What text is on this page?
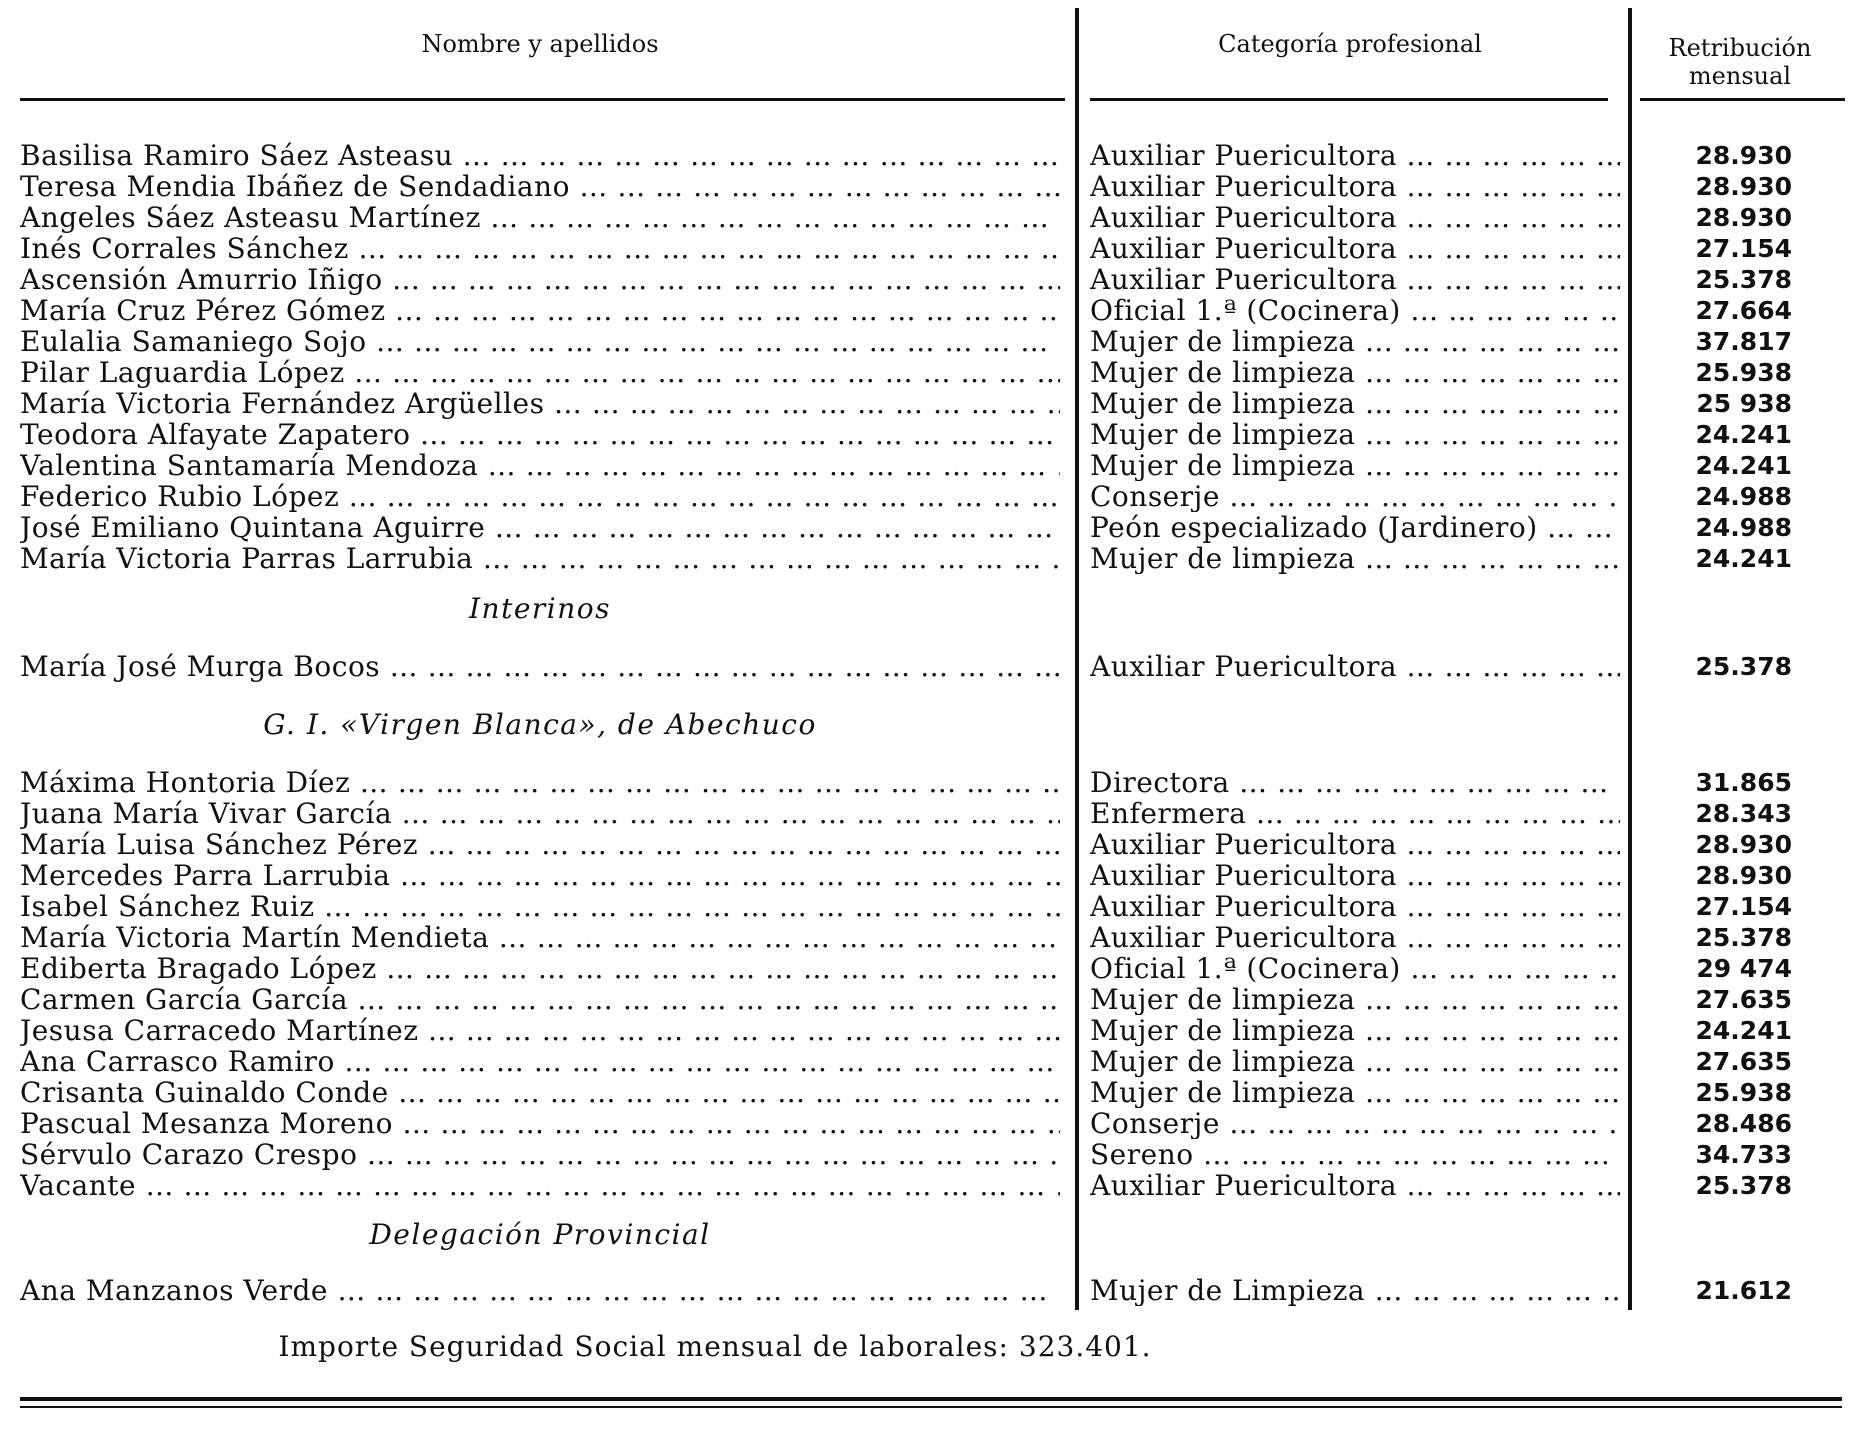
Nombre y apellidos	Categoría profesional	Retribución
mensual
Basilisa Ramiro Sáez Asteasu … … … … … … … … … … … … … … … … … … … … … … … … … … … … … … … … … … … … … … …	Auxiliar Puericultora … … … … … … … … … … … … … … … … … … … … … … … … … … … … … … … … … … … … … … …	28.930
Teresa Mendia Ibáñez de Sendadiano … … … … … … … … … … … … … … … … … … … … … … … … … … … … … … … … … … … … … … …	Auxiliar Puericultora … … … … … … … … … … … … … … … … … … … … … … … … … … … … … … … … … … … … … … …	28.930
Angeles Sáez Asteasu Martínez … … … … … … … … … … … … … … … … … … … … … … … … … … … … … … … … … … … … … … …	Auxiliar Puericultora … … … … … … … … … … … … … … … … … … … … … … … … … … … … … … … … … … … … … … …	28.930
Inés Corrales Sánchez … … … … … … … … … … … … … … … … … … … … … … … … … … … … … … … … … … … … … … …	Auxiliar Puericultora … … … … … … … … … … … … … … … … … … … … … … … … … … … … … … … … … … … … … … …	27.154
Ascensión Amurrio Iñigo … … … … … … … … … … … … … … … … … … … … … … … … … … … … … … … … … … … … … … …	Auxiliar Puericultora … … … … … … … … … … … … … … … … … … … … … … … … … … … … … … … … … … … … … … …	25.378
María Cruz Pérez Gómez … … … … … … … … … … … … … … … … … … … … … … … … … … … … … … … … … … … … … … …	Oficial 1.ª (Cocinera) … … … … … … … … … … … … … … … … … … … … … … … … … … … … … … … … … … … … … … …	27.664
Eulalia Samaniego Sojo … … … … … … … … … … … … … … … … … … … … … … … … … … … … … … … … … … … … … … …	Mujer de limpieza … … … … … … … … … … … … … … … … … … … … … … … … … … … … … … … … … … … … … … …	37.817
Pilar Laguardia López … … … … … … … … … … … … … … … … … … … … … … … … … … … … … … … … … … … … … … …	Mujer de limpieza … … … … … … … … … … … … … … … … … … … … … … … … … … … … … … … … … … … … … … …	25.938
María Victoria Fernández Argüelles … … … … … … … … … … … … … … … … … … … … … … … … … … … … … … … … … … … … … … …	Mujer de limpieza … … … … … … … … … … … … … … … … … … … … … … … … … … … … … … … … … … … … … … …	25 938
Teodora Alfayate Zapatero … … … … … … … … … … … … … … … … … … … … … … … … … … … … … … … … … … … … … … …	Mujer de limpieza … … … … … … … … … … … … … … … … … … … … … … … … … … … … … … … … … … … … … … …	24.241
Valentina Santamaría Mendoza … … … … … … … … … … … … … … … … … … … … … … … … … … … … … … … … … … … … … … …	Mujer de limpieza … … … … … … … … … … … … … … … … … … … … … … … … … … … … … … … … … … … … … … …	24.241
Federico Rubio López … … … … … … … … … … … … … … … … … … … … … … … … … … … … … … … … … … … … … … …	Conserje … … … … … … … … … … … … … … … … … … … … … … … … … … … … … … … … … … … … … … …	24.988
José Emiliano Quintana Aguirre … … … … … … … … … … … … … … … … … … … … … … … … … … … … … … … … … … … … … … …	Peón especializado (Jardinero) … … … … … … … … … … … … … … … … … … … … … … … … … … … … … … … … … … … … … … …	24.988
María Victoria Parras Larrubia … … … … … … … … … … … … … … … … … … … … … … … … … … … … … … … … … … … … … … …	Mujer de limpieza … … … … … … … … … … … … … … … … … … … … … … … … … … … … … … … … … … … … … … …	24.241
Interinos
María José Murga Bocos … … … … … … … … … … … … … … … … … … … … … … … … … … … … … … … … … … … … … … …	Auxiliar Puericultora … … … … … … … … … … … … … … … … … … … … … … … … … … … … … … … … … … … … … … …	25.378
G. I. «Virgen Blanca», de Abechuco
Máxima Hontoria Díez … … … … … … … … … … … … … … … … … … … … … … … … … … … … … … … … … … … … … … …	Directora … … … … … … … … … … … … … … … … … … … … … … … … … … … … … … … … … … … … … … …	31.865
Juana María Vivar García … … … … … … … … … … … … … … … … … … … … … … … … … … … … … … … … … … … … … … …	Enfermera … … … … … … … … … … … … … … … … … … … … … … … … … … … … … … … … … … … … … … …	28.343
María Luisa Sánchez Pérez … … … … … … … … … … … … … … … … … … … … … … … … … … … … … … … … … … … … … … …	Auxiliar Puericultora … … … … … … … … … … … … … … … … … … … … … … … … … … … … … … … … … … … … … … …	28.930
Mercedes Parra Larrubia … … … … … … … … … … … … … … … … … … … … … … … … … … … … … … … … … … … … … … …	Auxiliar Puericultora … … … … … … … … … … … … … … … … … … … … … … … … … … … … … … … … … … … … … … …	28.930
Isabel Sánchez Ruiz … … … … … … … … … … … … … … … … … … … … … … … … … … … … … … … … … … … … … … …	Auxiliar Puericultora … … … … … … … … … … … … … … … … … … … … … … … … … … … … … … … … … … … … … … …	27.154
María Victoria Martín Mendieta … … … … … … … … … … … … … … … … … … … … … … … … … … … … … … … … … … … … … … …	Auxiliar Puericultora … … … … … … … … … … … … … … … … … … … … … … … … … … … … … … … … … … … … … … …	25.378
Ediberta Bragado López … … … … … … … … … … … … … … … … … … … … … … … … … … … … … … … … … … … … … … …	Oficial 1.ª (Cocinera) … … … … … … … … … … … … … … … … … … … … … … … … … … … … … … … … … … … … … … …	29 474
Carmen García García … … … … … … … … … … … … … … … … … … … … … … … … … … … … … … … … … … … … … … …	Mujer de limpieza … … … … … … … … … … … … … … … … … … … … … … … … … … … … … … … … … … … … … … …	27.635
Jesusa Carracedo Martínez … … … … … … … … … … … … … … … … … … … … … … … … … … … … … … … … … … … … … … …	Mujer de limpieza … … … … … … … … … … … … … … … … … … … … … … … … … … … … … … … … … … … … … … …	24.241
Ana Carrasco Ramiro … … … … … … … … … … … … … … … … … … … … … … … … … … … … … … … … … … … … … … …	Mujer de limpieza … … … … … … … … … … … … … … … … … … … … … … … … … … … … … … … … … … … … … … …	27.635
Crisanta Guinaldo Conde … … … … … … … … … … … … … … … … … … … … … … … … … … … … … … … … … … … … … … …	Mujer de limpieza … … … … … … … … … … … … … … … … … … … … … … … … … … … … … … … … … … … … … … …	25.938
Pascual Mesanza Moreno … … … … … … … … … … … … … … … … … … … … … … … … … … … … … … … … … … … … … … …	Conserje … … … … … … … … … … … … … … … … … … … … … … … … … … … … … … … … … … … … … … …	28.486
Sérvulo Carazo Crespo … … … … … … … … … … … … … … … … … … … … … … … … … … … … … … … … … … … … … … …	Sereno … … … … … … … … … … … … … … … … … … … … … … … … … … … … … … … … … … … … … … …	34.733
Vacante … … … … … … … … … … … … … … … … … … … … … … … … … … … … … … … … … … … … … … …	Auxiliar Puericultora … … … … … … … … … … … … … … … … … … … … … … … … … … … … … … … … … … … … … … …	25.378
Delegación Provincial
Ana Manzanos Verde … … … … … … … … … … … … … … … … … … … … … … … … … … … … … … … … … … … … … … …	Mujer de Limpieza … … … … … … … … … … … … … … … … … … … … … … … … … … … … … … … … … … … … … … …	21.612
Importe Seguridad Social mensual de laborales: 323.401.
